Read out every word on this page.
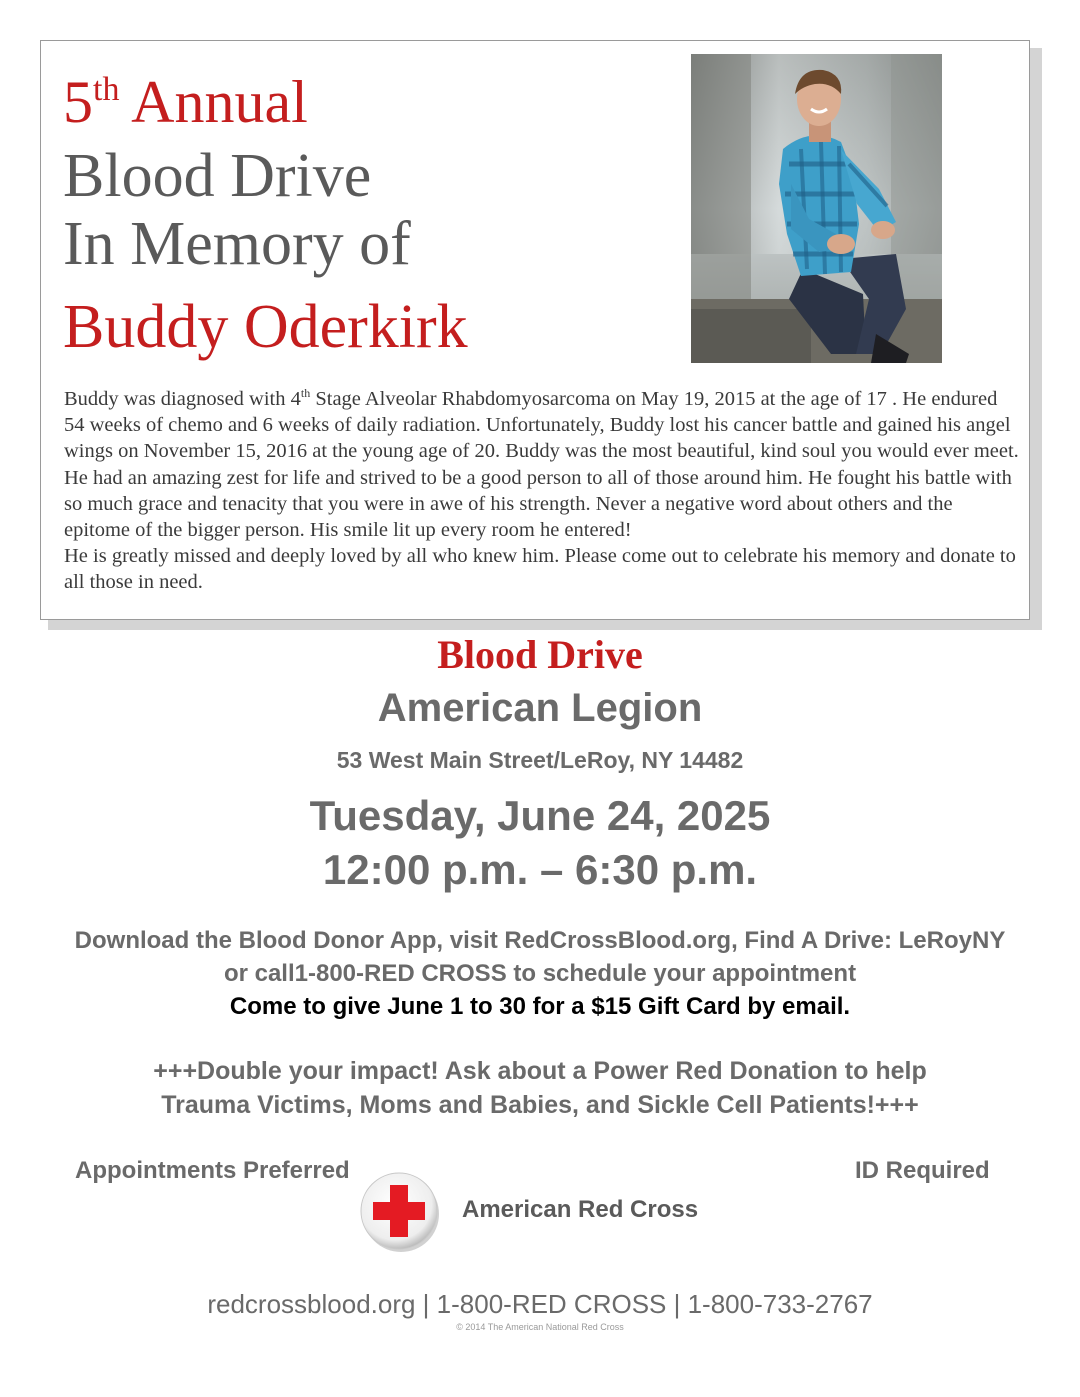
5th Annual
Blood Drive
In Memory of
Buddy Oderkirk

Buddy was diagnosed with 4th Stage Alveolar Rhabdomyosarcoma on May 19, 2015 at the age of 17 . He endured 54 weeks of chemo and 6 weeks of daily radiation. Unfortunately, Buddy lost his cancer battle and gained his angel wings on November 15, 2016 at the young age of 20. Buddy was the most beautiful, kind soul you would ever meet. He had an amazing zest for life and strived to be a good person to all of those around him. He fought his battle with so much grace and tenacity that you were in awe of his strength. Never a negative word about others and the epitome of the bigger person. His smile lit up every room he entered!

He is greatly missed and deeply loved by all who knew him. Please come out to celebrate his memory and donate to all those in need.

Blood Drive
American Legion
53 West Main Street/LeRoy, NY 14482
Tuesday, June 24, 2025
12:00 p.m. – 6:30 p.m.
Download the Blood Donor App, visit RedCrossBlood.org, Find A Drive: LeRoyNY
or call1-800-RED CROSS to schedule your appointment
Come to give June 1 to 30 for a $15 Gift Card by email.
+++Double your impact! Ask about a Power Red Donation to help
Trauma Victims, Moms and Babies, and Sickle Cell Patients!+++
Appointments Preferred	ID Required
American Red Cross
redcrossblood.org | 1-800-RED CROSS | 1-800-733-2767
© 2014 The American National Red Cross
